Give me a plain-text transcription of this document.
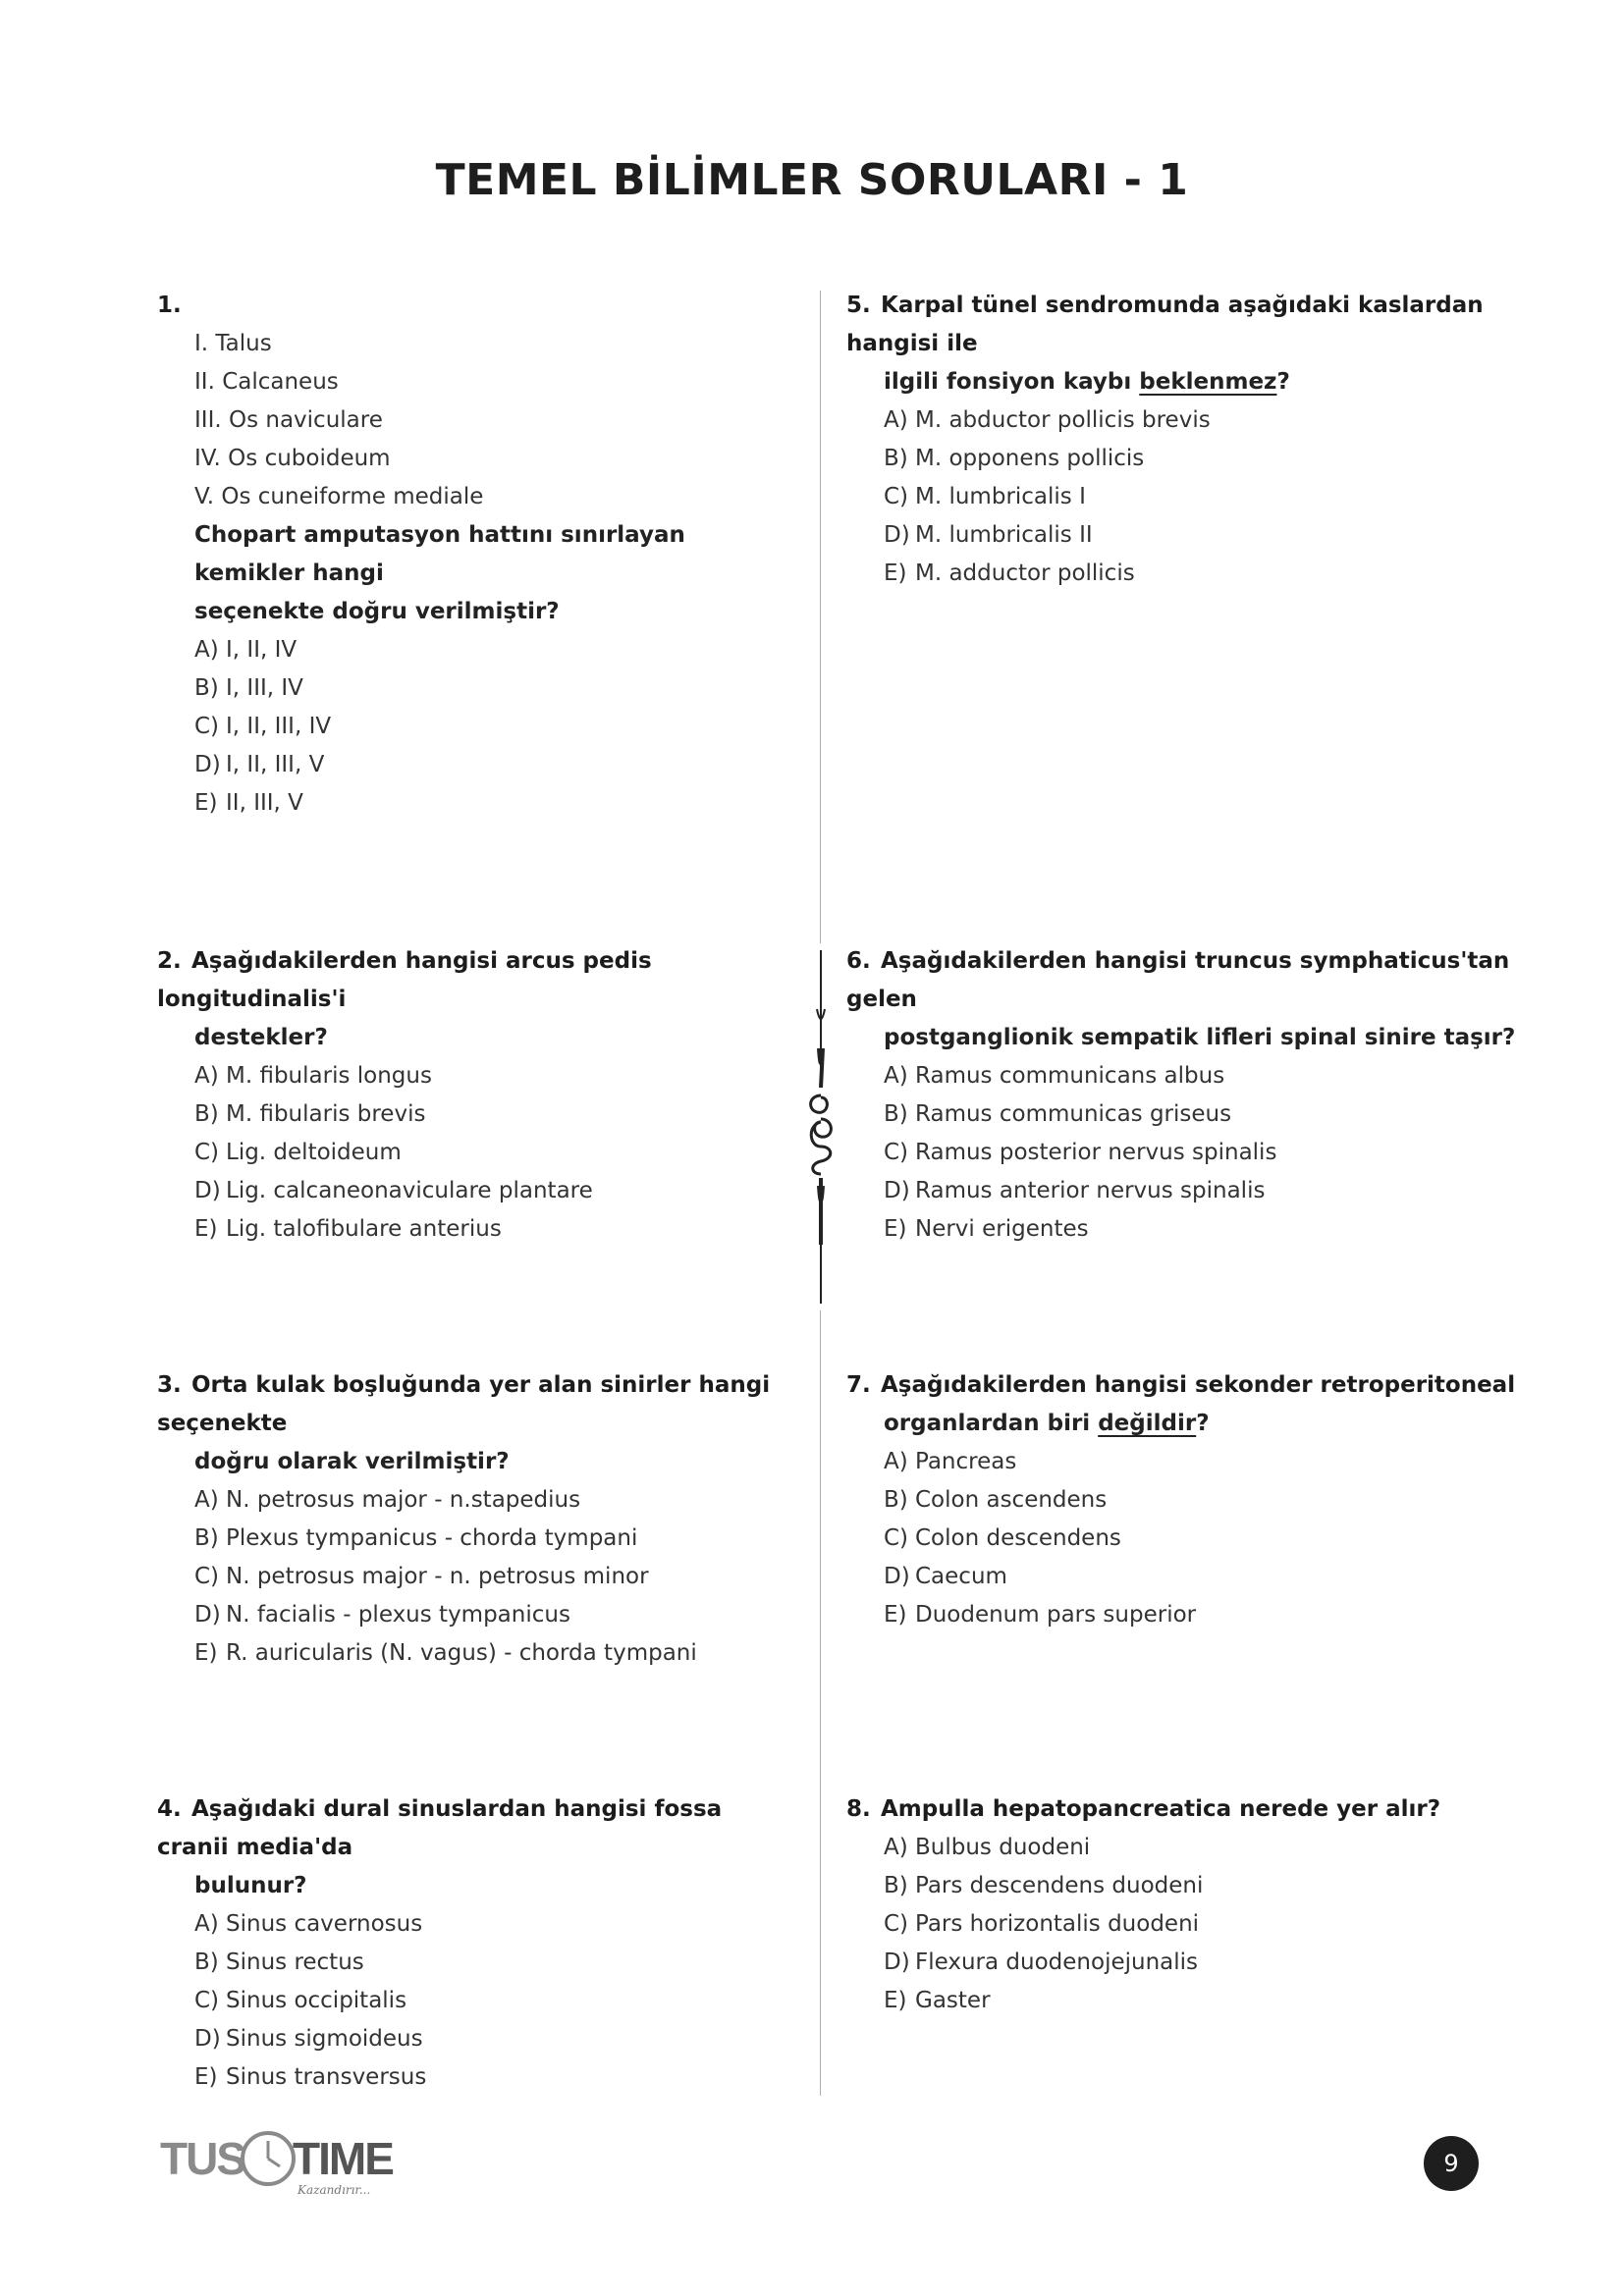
TEMEL BİLİMLER SORULARI - 1
1.
I. Talus
II. Calcaneus
III. Os naviculare
IV. Os cuboideum
V. Os cuneiforme mediale
Chopart amputasyon hattını sınırlayan kemikler hangi
seçenekte doğru verilmiştir?
A) I, II, IV
B) I, III, IV
C) I, II, III, IV
D) I, II, III, V
E) II, III, V
2. Aşağıdakilerden hangisi arcus pedis longitudinalis'i
destekler?
A) M. fibularis longus
B) M. fibularis brevis
C) Lig. deltoideum
D) Lig. calcaneonaviculare plantare
E) Lig. talofibulare anterius
3. Orta kulak boşluğunda yer alan sinirler hangi seçenekte
doğru olarak verilmiştir?
A) N. petrosus major - n.stapedius
B) Plexus tympanicus - chorda tympani
C) N. petrosus major - n. petrosus minor
D) N. facialis - plexus tympanicus
E) R. auricularis (N. vagus) - chorda tympani
4. Aşağıdaki dural sinuslardan hangisi fossa cranii media'da
bulunur?
A) Sinus cavernosus
B) Sinus rectus
C) Sinus occipitalis
D) Sinus sigmoideus
E) Sinus transversus
5. Karpal tünel sendromunda aşağıdaki kaslardan hangisi ile
ilgili fonsiyon kaybı beklenmez?
A) M. abductor pollicis brevis
B) M. opponens pollicis
C) M. lumbricalis I
D) M. lumbricalis II
E) M. adductor pollicis
6. Aşağıdakilerden hangisi truncus symphaticus'tan gelen
postganglionik sempatik lifleri spinal sinire taşır?
A) Ramus communicans albus
B) Ramus communicas griseus
C) Ramus posterior nervus spinalis
D) Ramus anterior nervus spinalis
E) Nervi erigentes
7. Aşağıdakilerden hangisi sekonder retroperitoneal
organlardan biri değildir?
A) Pancreas
B) Colon ascendens
C) Colon descendens
D) Caecum
E) Duodenum pars superior
8. Ampulla hepatopancreatica nerede yer alır?
A) Bulbus duodeni
B) Pars descendens duodeni
C) Pars horizontalis duodeni
D) Flexura duodenojejunalis
E) Gaster
TUS TIME
Kazandırır...
9
